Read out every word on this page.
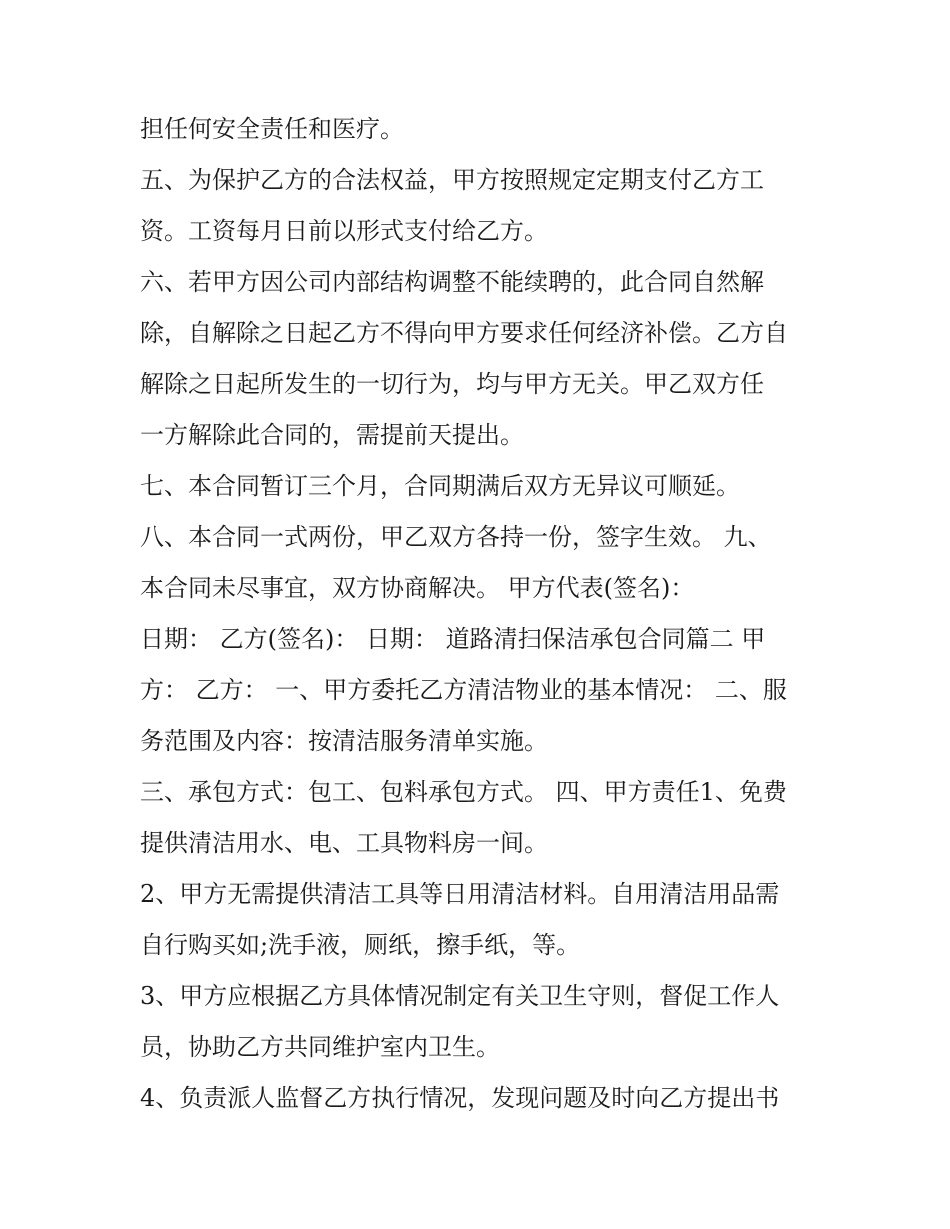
担任何安全责任和医疗。
五、为保护乙方的合法权益，甲方按照规定定期支付乙方工
资。工资每月日前以形式支付给乙方。
六、若甲方因公司内部结构调整不能续聘的，此合同自然解
除，自解除之日起乙方不得向甲方要求任何经济补偿。乙方自
解除之日起所发生的一切行为，均与甲方无关。甲乙双方任
一方解除此合同的，需提前天提出。
七、本合同暂订三个月，合同期满后双方无异议可顺延。
八、本合同一式两份，甲乙双方各持一份，签字生效。 九、
本合同未尽事宜，双方协商解决。 甲方代表(签名)：
日期： 乙方(签名)： 日期： 道路清扫保洁承包合同篇二 甲
方： 乙方： 一、甲方委托乙方清洁物业的基本情况： 二、服
务范围及内容：按清洁服务清单实施。
三、承包方式：包工、包料承包方式。 四、甲方责任1、免费
提供清洁用水、电、工具物料房一间。
2、甲方无需提供清洁工具等日用清洁材料。自用清洁用品需
自行购买如;洗手液，厕纸，擦手纸，等。
3、甲方应根据乙方具体情况制定有关卫生守则，督促工作人
员，协助乙方共同维护室内卫生。
4、负责派人监督乙方执行情况，发现问题及时向乙方提出书
